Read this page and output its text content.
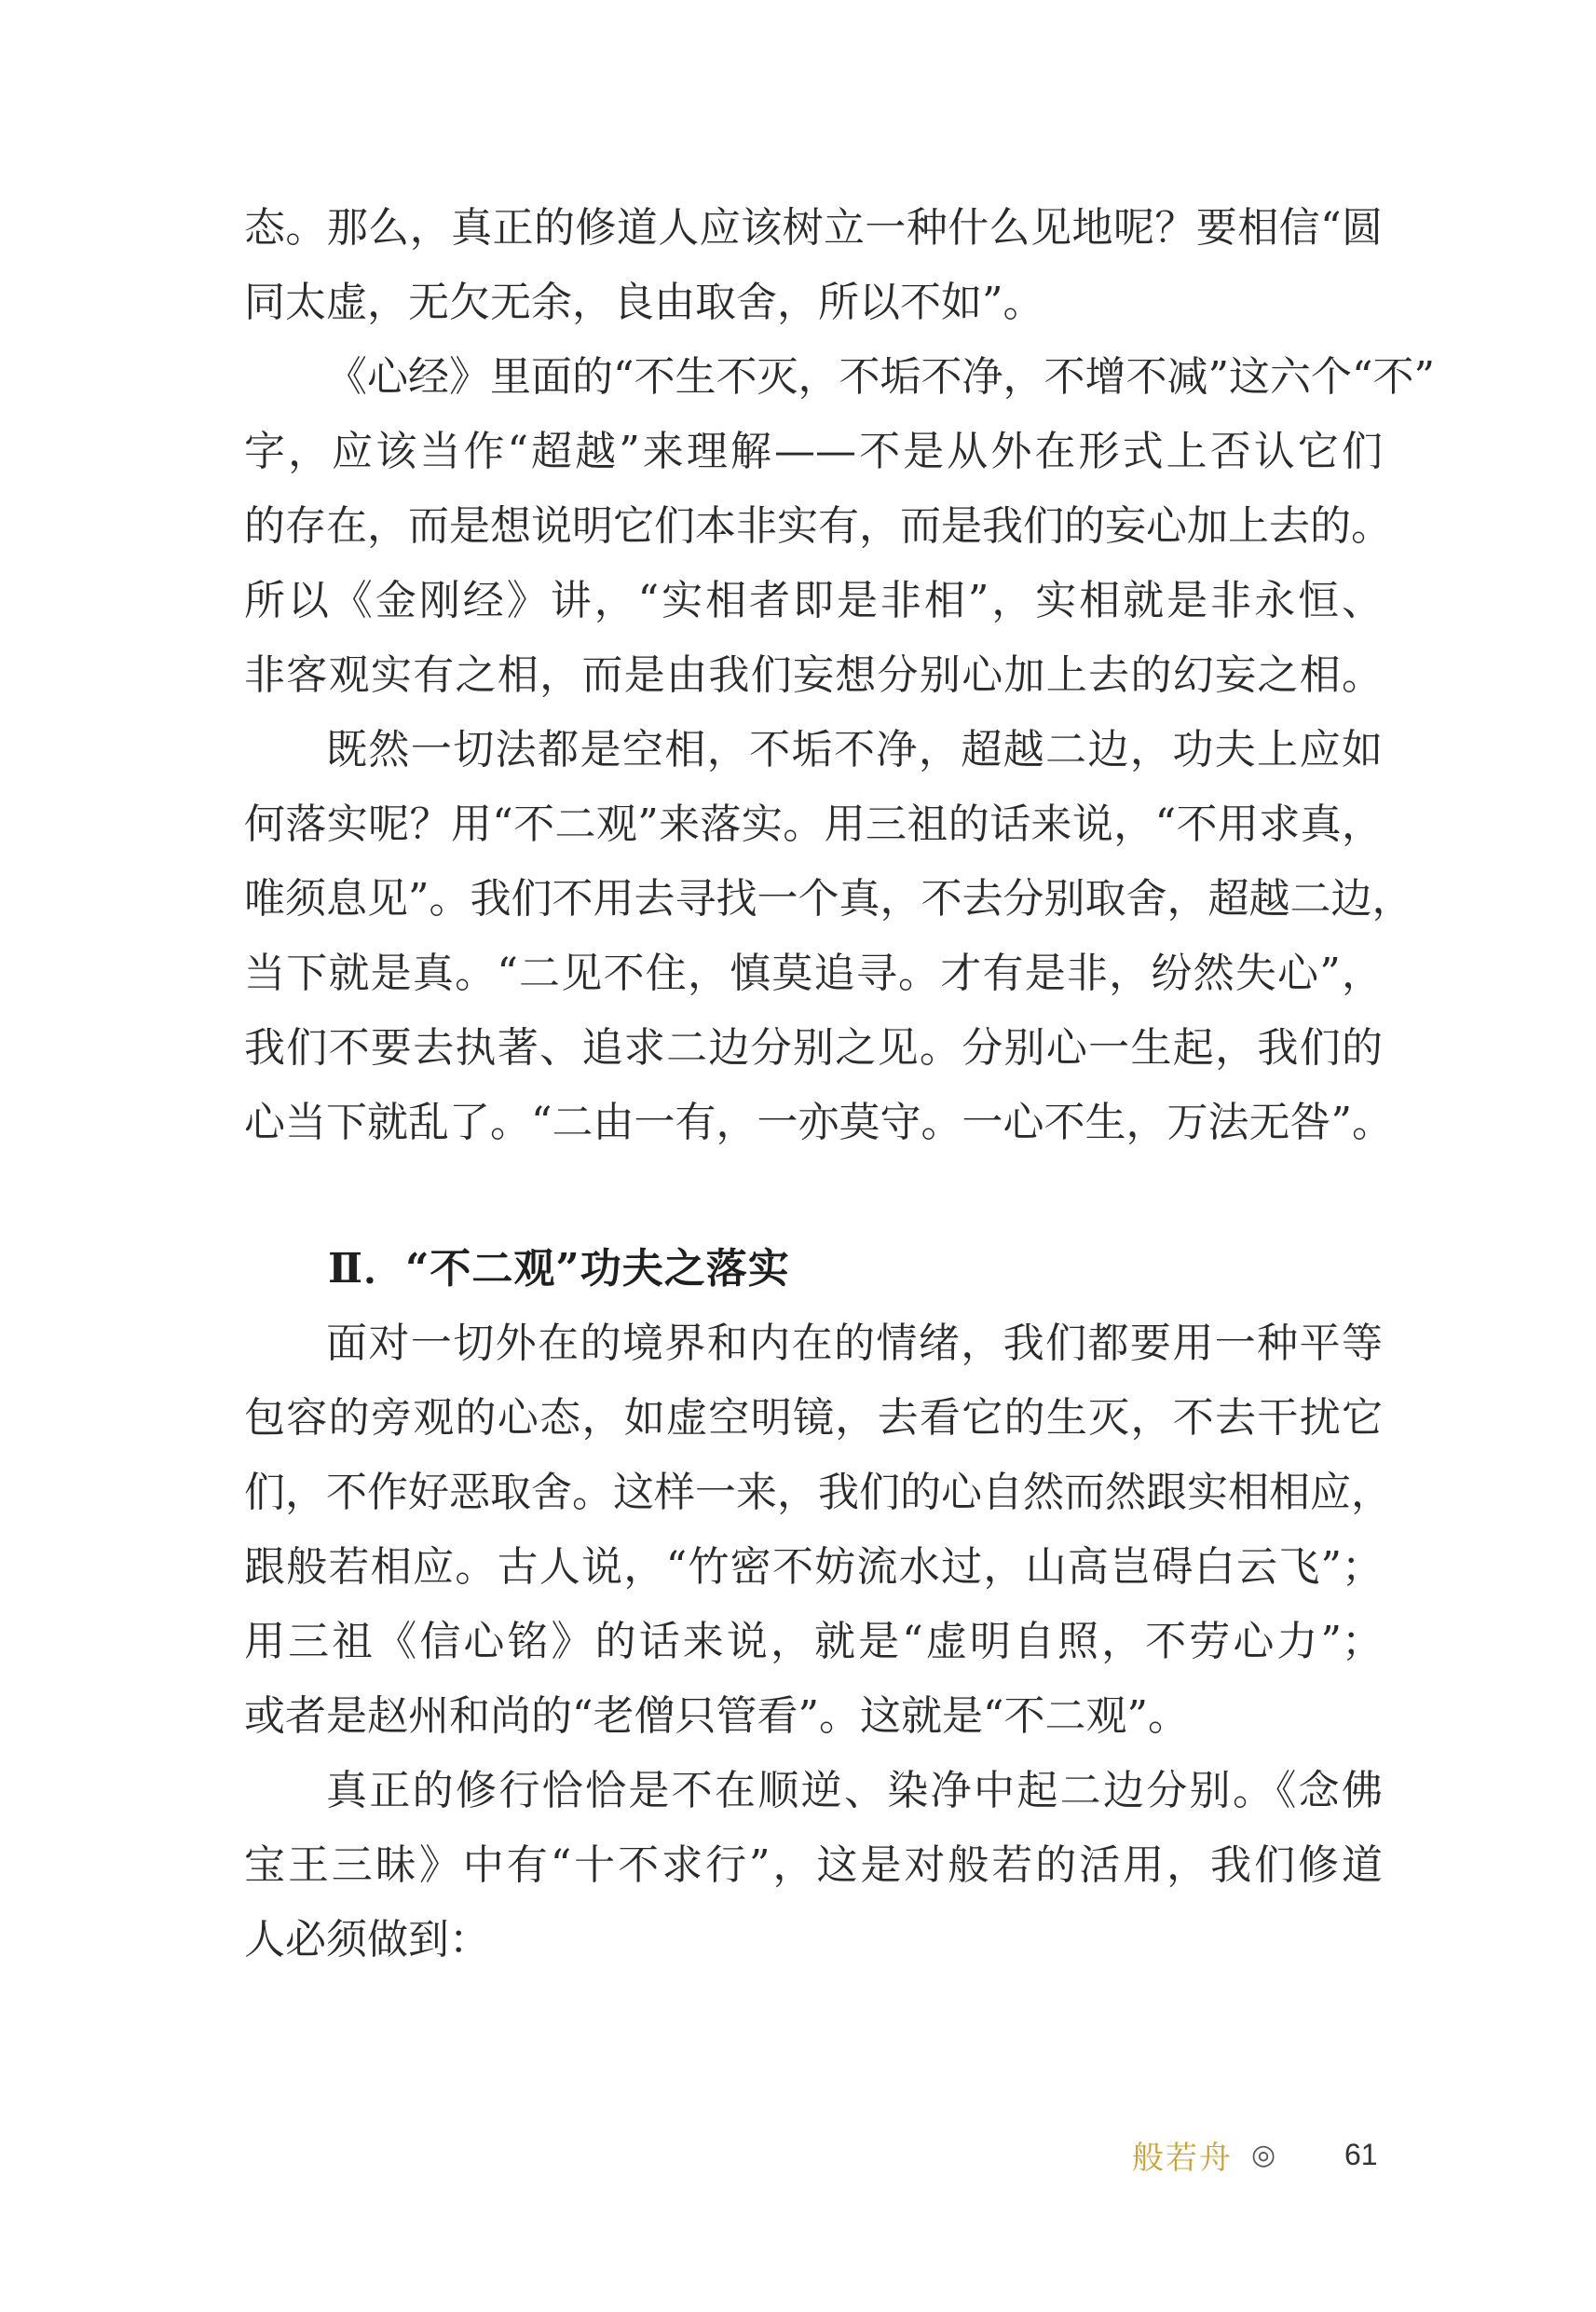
态。那么，真正的修道人应该树立一种什么见地呢？要相信“圆
同太虚，无欠无余，良由取舍，所以不如”。
《心经》里面的“不生不灭，不垢不净，不增不减”这六个“不”
字，应该当作“超越”来理解——不是从外在形式上否认它们
的存在，而是想说明它们本非实有，而是我们的妄心加上去的。
所以《金刚经》讲，“实相者即是非相”，实相就是非永恒、
非客观实有之相，而是由我们妄想分别心加上去的幻妄之相。
既然一切法都是空相，不垢不净，超越二边，功夫上应如
何落实呢？用“不二观”来落实。用三祖的话来说，“不用求真，
唯须息见”。我们不用去寻找一个真，不去分别取舍，超越二边，
当下就是真。“二见不住，慎莫追寻。才有是非，纷然失心”，
我们不要去执著、追求二边分别之见。分别心一生起，我们的
心当下就乱了。“二由一有，一亦莫守。一心不生，万法无咎”。
Ⅱ．“不二观”功夫之落实
面对一切外在的境界和内在的情绪，我们都要用一种平等
包容的旁观的心态，如虚空明镜，去看它的生灭，不去干扰它
们，不作好恶取舍。这样一来，我们的心自然而然跟实相相应，
跟般若相应。古人说，“竹密不妨流水过，山高岂碍白云飞”；
用三祖《信心铭》的话来说，就是“虚明自照，不劳心力”；
或者是赵州和尚的“老僧只管看”。这就是“不二观”。
真正的修行恰恰是不在顺逆、染净中起二边分别。《念佛
宝王三昧》中有“十不求行”，这是对般若的活用，我们修道
人必须做到：
般若舟 ◎ 61
